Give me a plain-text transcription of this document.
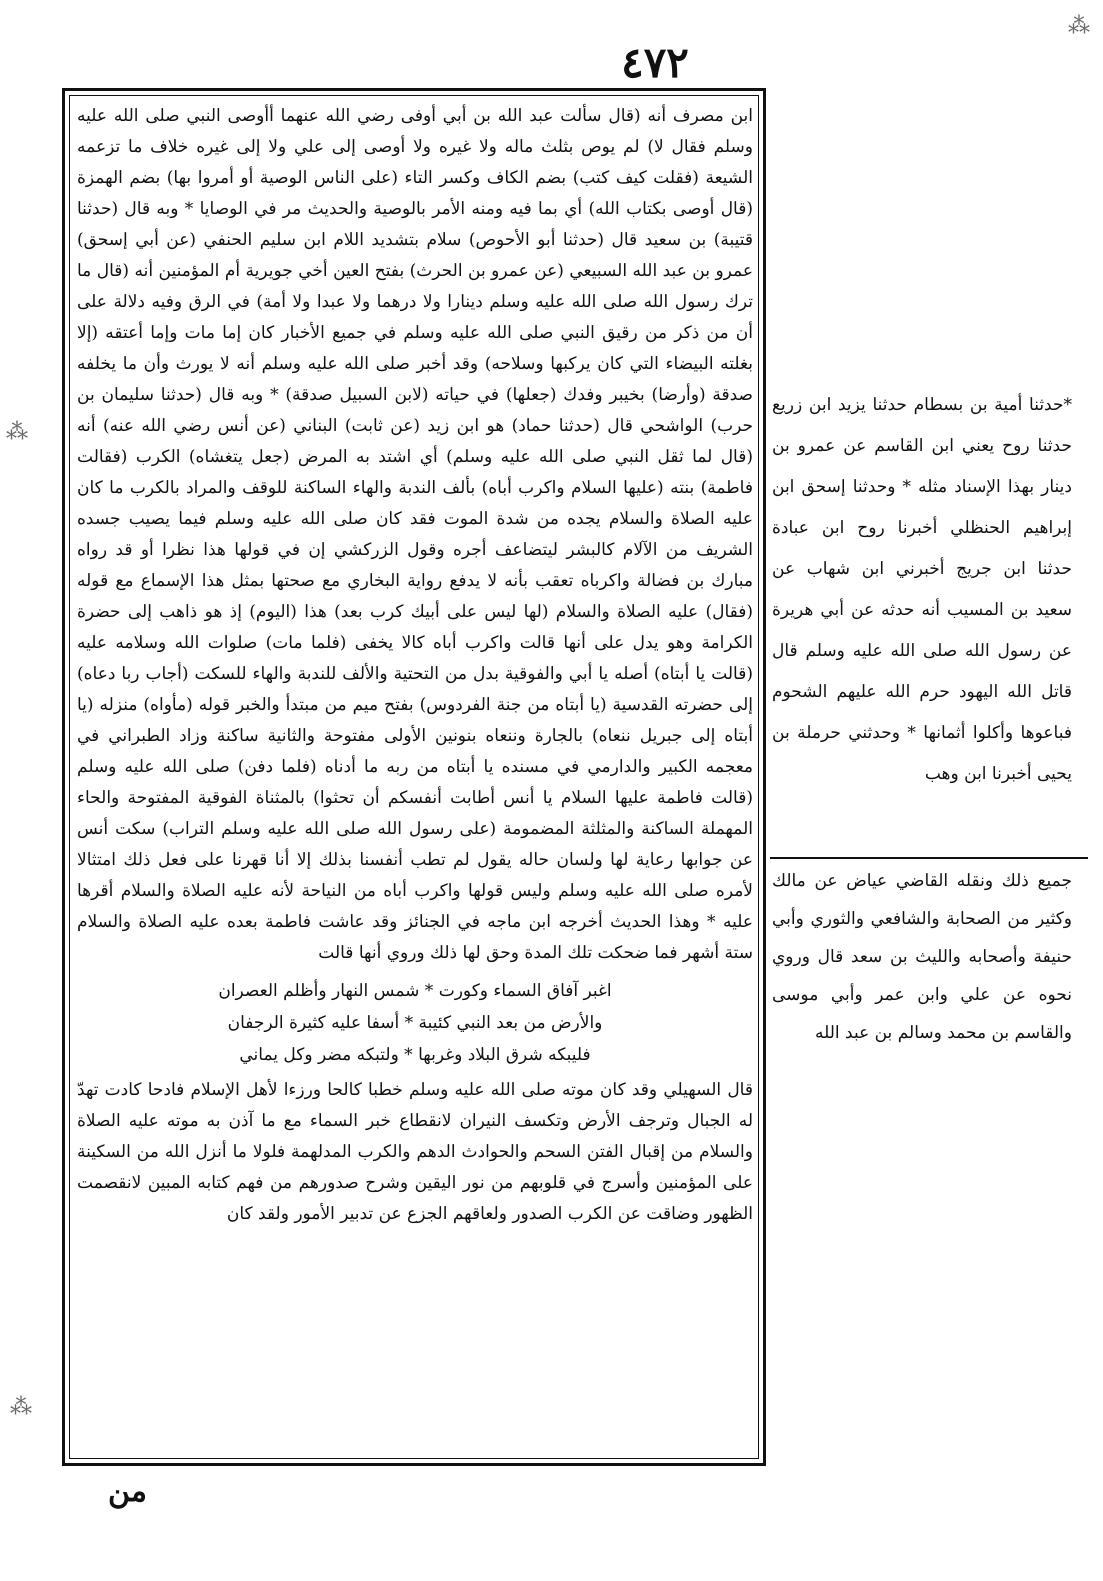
٤٧٢

ابن مصرف أنه (قال سألت عبد الله بن أبي أوفى رضي الله عنهما أأوصى النبي صلى الله عليه وسلم فقال لا) لم يوص بثلث ماله ولا غيره ولا أوصى إلى علي ولا إلى غيره خلاف ما تزعمه الشيعة (فقلت كيف كتب) بضم الكاف وكسر التاء (على الناس الوصية أو أمروا بها) بضم الهمزة (قال أوصى بكتاب الله) أي بما فيه ومنه الأمر بالوصية والحديث مر في الوصايا * وبه قال (حدثنا قتيبة) بن سعيد قال (حدثنا أبو الأحوص) سلام بتشديد اللام ابن سليم الحنفي (عن أبي إسحق) عمرو بن عبد الله السبيعي (عن عمرو بن الحرث) بفتح العين أخي جويرية أم المؤمنين أنه (قال ما ترك رسول الله صلى الله عليه وسلم دينارا ولا درهما ولا عبدا ولا أمة) في الرق وفيه دلالة على أن من ذكر من رقيق النبي صلى الله عليه وسلم في جميع الأخبار كان إما مات وإما أعتقه (إلا بغلته البيضاء التي كان يركبها وسلاحه) وقد أخبر صلى الله عليه وسلم أنه لا يورث وأن ما يخلفه صدقة (وأرضا) بخيبر وفدك (جعلها) في حياته (لابن السبيل صدقة) * وبه قال (حدثنا سليمان بن حرب) الواشحي قال (حدثنا حماد) هو ابن زيد (عن ثابت) البناني (عن أنس رضي الله عنه) أنه (قال لما ثقل النبي صلى الله عليه وسلم) أي اشتد به المرض (جعل يتغشاه) الكرب (فقالت فاطمة) بنته (عليها السلام واكرب أباه) بألف الندبة والهاء الساكنة للوقف والمراد بالكرب ما كان عليه الصلاة والسلام يجده من شدة الموت فقد كان صلى الله عليه وسلم فيما يصيب جسده الشريف من الآلام كالبشر ليتضاعف أجره وقول الزركشي إن في قولها هذا نظرا أو قد رواه مبارك بن فضالة واكرباه تعقب بأنه لا يدفع رواية البخاري مع صحتها بمثل هذا الإسماع مع قوله (فقال) عليه الصلاة والسلام (لها ليس على أبيك كرب بعد) هذا (اليوم) إذ هو ذاهب إلى حضرة الكرامة وهو يدل على أنها قالت واكرب أباه كالا يخفى (فلما مات) صلوات الله وسلامه عليه (قالت يا أبتاه) أصله يا أبي والفوقية بدل من التحتية والألف للندبة والهاء للسكت (أجاب ربا دعاه) إلى حضرته القدسية (يا أبتاه من جنة الفردوس) بفتح ميم من مبتدأ والخبر قوله (مأواه) منزله (يا أبتاه إلى جبريل ننعاه) بالجارة وننعاه بنونين الأولى مفتوحة والثانية ساكنة وزاد الطبراني في معجمه الكبير والدارمي في مسنده يا أبتاه من ربه ما أدناه (فلما دفن) صلى الله عليه وسلم (قالت فاطمة عليها السلام يا أنس أطابت أنفسكم أن تحثوا) بالمثناة الفوقية المفتوحة والحاء المهملة الساكنة والمثلثة المضمومة (على رسول الله صلى الله عليه وسلم التراب) سكت أنس عن جوابها رعاية لها ولسان حاله يقول لم تطب أنفسنا بذلك إلا أنا قهرنا على فعل ذلك امتثالا لأمره صلى الله عليه وسلم وليس قولها واكرب أباه من النياحة لأنه عليه الصلاة والسلام أقرها عليه * وهذا الحديث أخرجه ابن ماجه في الجنائز وقد عاشت فاطمة بعده عليه الصلاة والسلام ستة أشهر فما ضحكت تلك المدة وحق لها ذلك وروي أنها قالت

اغبر آفاق السماء وكورت * شمس النهار وأظلم العصران
والأرض من بعد النبي كئيبة * أسفا عليه كثيرة الرجفان
فليبكه شرق البلاد وغربها * ولتبكه مضر وكل يماني

قال السهيلي وقد كان موته صلى الله عليه وسلم خطبا كالحا ورزءا لأهل الإسلام فادحا كادت تهدّ له الجبال وترجف الأرض وتكسف النيران لانقطاع خبر السماء مع ما آذن به موته عليه الصلاة والسلام من إقبال الفتن السحم والحوادث الدهم والكرب المدلهمة فلولا ما أنزل الله من السكينة على المؤمنين وأسرج في قلوبهم من نور اليقين وشرح صدورهم من فهم كتابه المبين لانقصمت الظهور وضاقت عن الكرب الصدور ولعاقهم الجزع عن تدبير الأمور ولقد كان

*حدثنا أمية بن بسطام حدثنا يزيد ابن زريع حدثنا روح يعني ابن القاسم عن عمرو بن دينار بهذا الإسناد مثله * وحدثنا إسحق ابن إبراهيم الحنظلي أخبرنا روح ابن عبادة حدثنا ابن جريج أخبرني ابن شهاب عن سعيد بن المسيب أنه حدثه عن أبي هريرة عن رسول الله صلى الله عليه وسلم قال قاتل الله اليهود حرم الله عليهم الشحوم فباعوها وأكلوا أثمانها * وحدثني حرملة بن يحيى أخبرنا ابن وهب
جميع ذلك ونقله القاضي عياض عن مالك وكثير من الصحابة والشافعي والثوري وأبي حنيفة وأصحابه والليث بن سعد قال وروي نحوه عن علي وابن عمر وأبي موسى والقاسم بن محمد وسالم بن عبد الله
من
⁂
⁂
⁂
